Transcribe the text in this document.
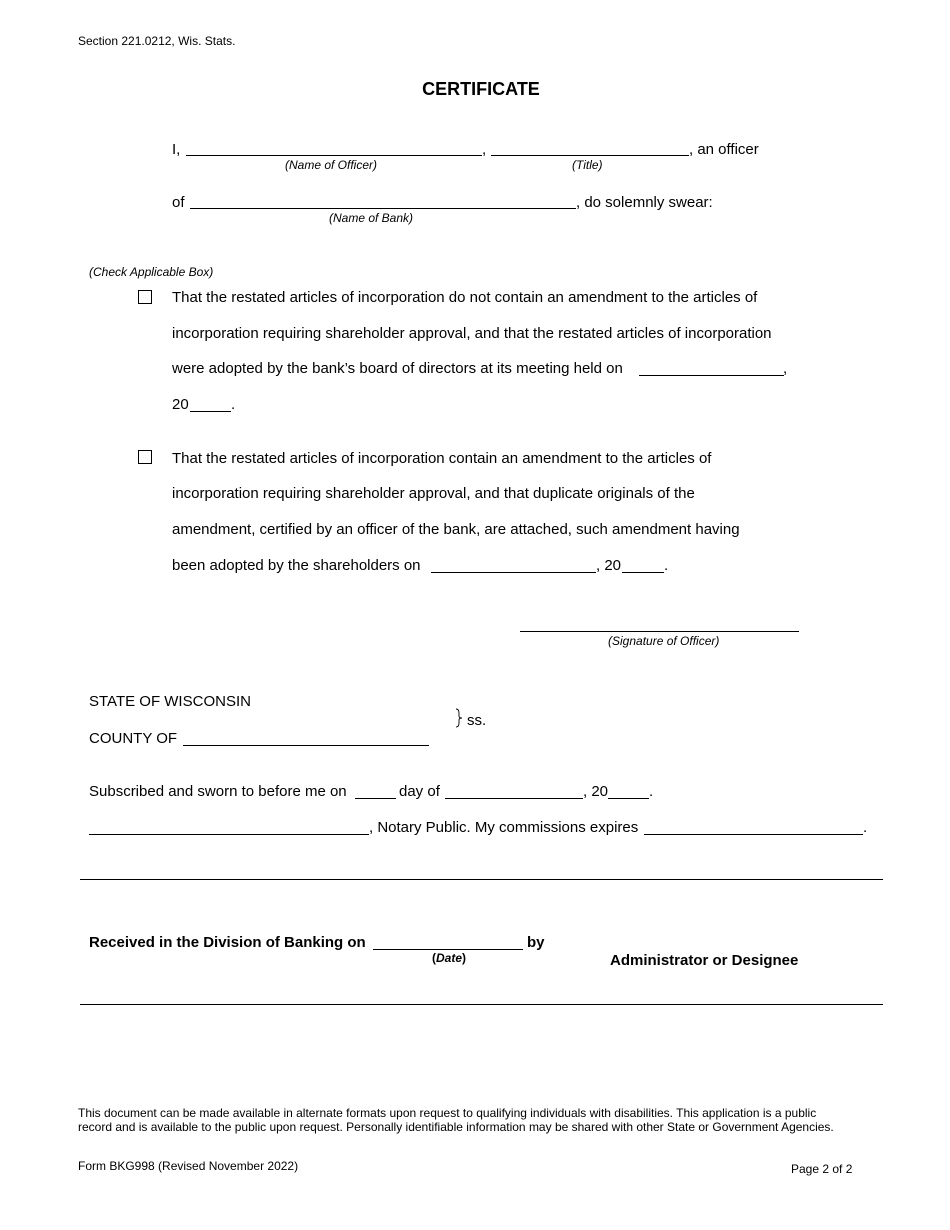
Section 221.0212, Wis. Stats.
CERTIFICATE
I,	,	, an officer
(Name of Officer)	(Title)
of	, do solemnly swear:
(Name of Bank)
(Check Applicable Box)
That the restated articles of incorporation do not contain an amendment to the articles of
incorporation requiring shareholder approval, and that the restated articles of incorporation
were adopted by the bank’s board of directors at its meeting held on	,
20	.
That the restated articles of incorporation contain an amendment to the articles of
incorporation requiring shareholder approval, and that duplicate originals of the
amendment, certified by an officer of the bank, are attached, such amendment having
been adopted by the shareholders on	, 20	.
(Signature of Officer)
STATE OF WISCONSIN
COUNTY OF
ss.
Subscribed and sworn to before me on	day of	, 20	.
, Notary Public. My commissions expires	.
Received in the Division of Banking on	by
(Date)	Administrator or Designee
This document can be made available in alternate formats upon request to qualifying individuals with disabilities. This application is a public
record and is available to the public upon request. Personally identifiable information may be shared with other State or Government Agencies.
Form BKG998 (Revised November 2022)	Page 2 of 2
